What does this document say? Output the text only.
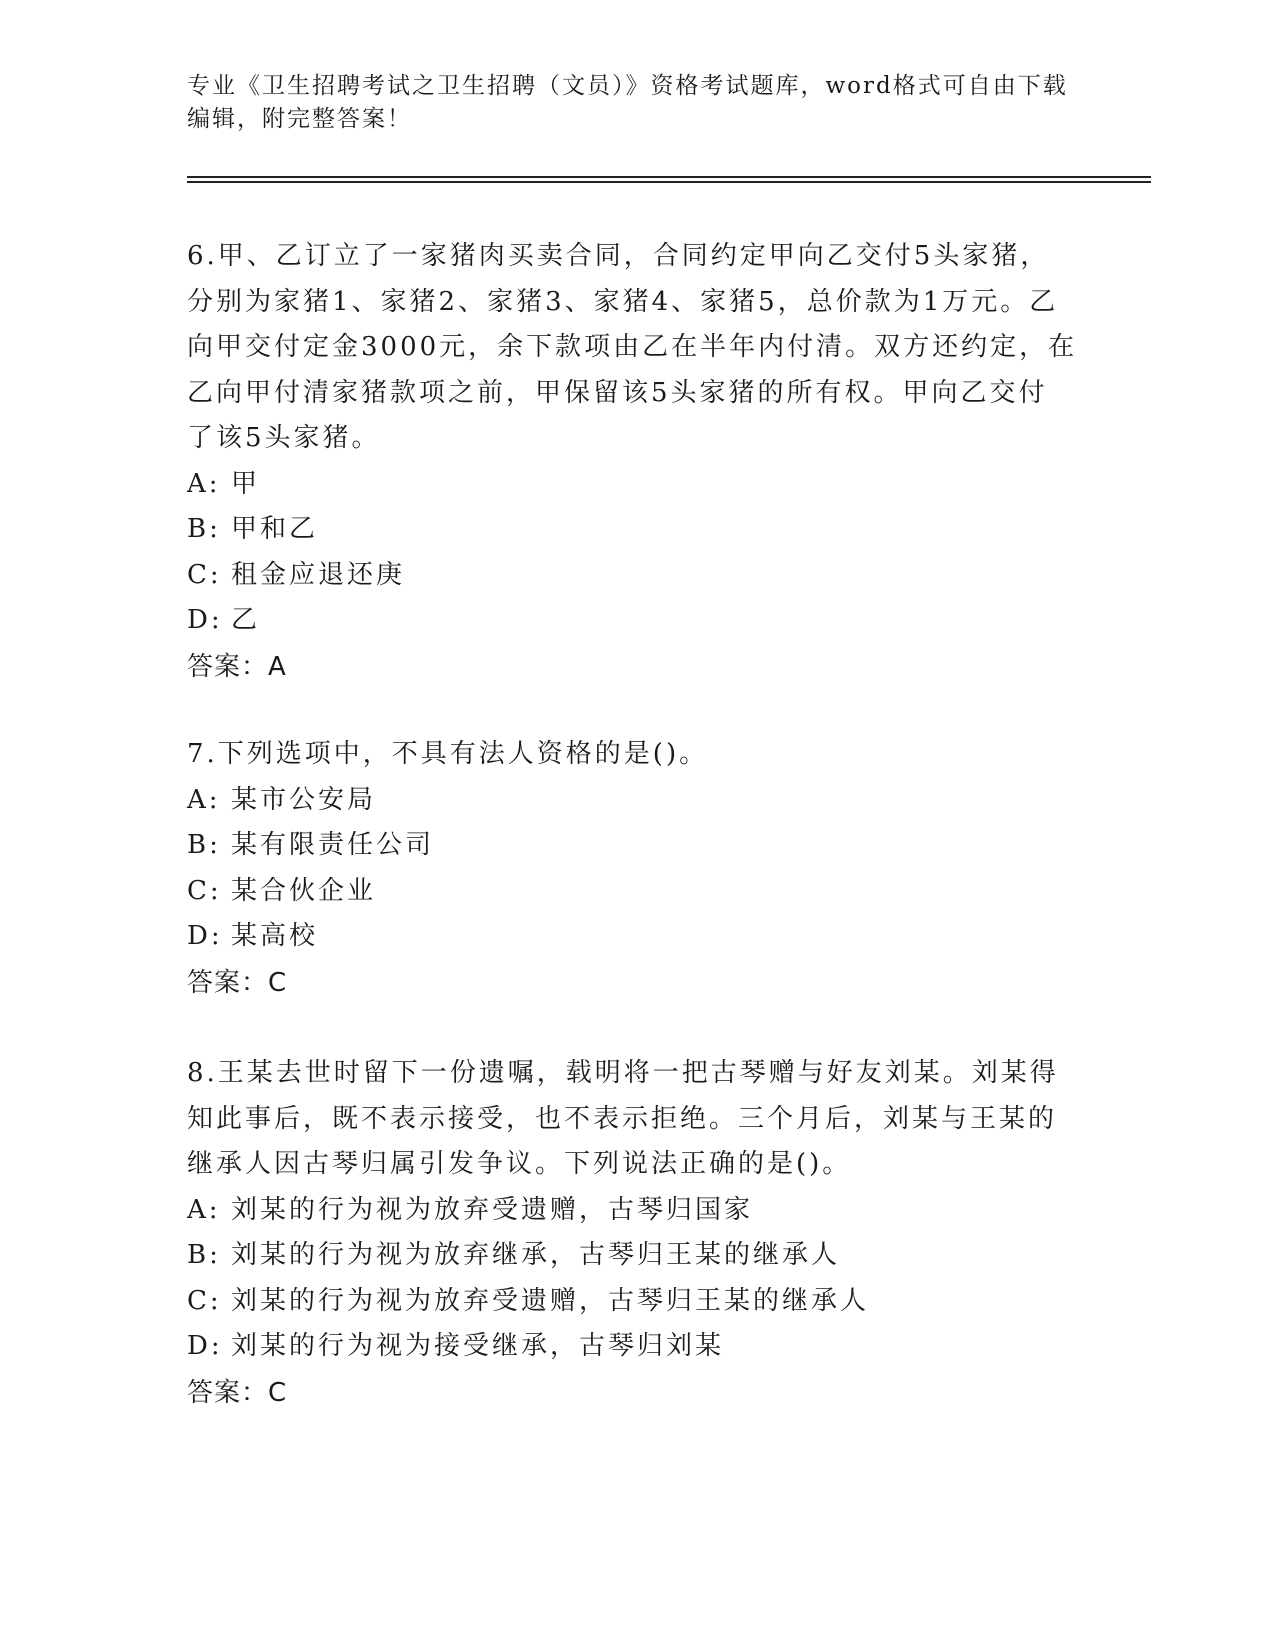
专业《卫生招聘考试之卫生招聘（文员）》资格考试题库，word格式可自由下载
编辑，附完整答案！
6.甲、乙订立了一家猪肉买卖合同，合同约定甲向乙交付5头家猪，
分别为家猪1、家猪2、家猪3、家猪4、家猪5，总价款为1万元。乙
向甲交付定金3000元，余下款项由乙在半年内付清。双方还约定，在
乙向甲付清家猪款项之前，甲保留该5头家猪的所有权。甲向乙交付
了该5头家猪。
A: 甲
B: 甲和乙
C: 租金应退还庚
D: 乙
答案：A
7.下列选项中，不具有法人资格的是()。
A: 某市公安局
B: 某有限责任公司
C: 某合伙企业
D: 某高校
答案：C
8.王某去世时留下一份遗嘱，载明将一把古琴赠与好友刘某。刘某得
知此事后，既不表示接受，也不表示拒绝。三个月后，刘某与王某的
继承人因古琴归属引发争议。下列说法正确的是()。
A: 刘某的行为视为放弃受遗赠，古琴归国家
B: 刘某的行为视为放弃继承，古琴归王某的继承人
C: 刘某的行为视为放弃受遗赠，古琴归王某的继承人
D: 刘某的行为视为接受继承，古琴归刘某
答案：C
